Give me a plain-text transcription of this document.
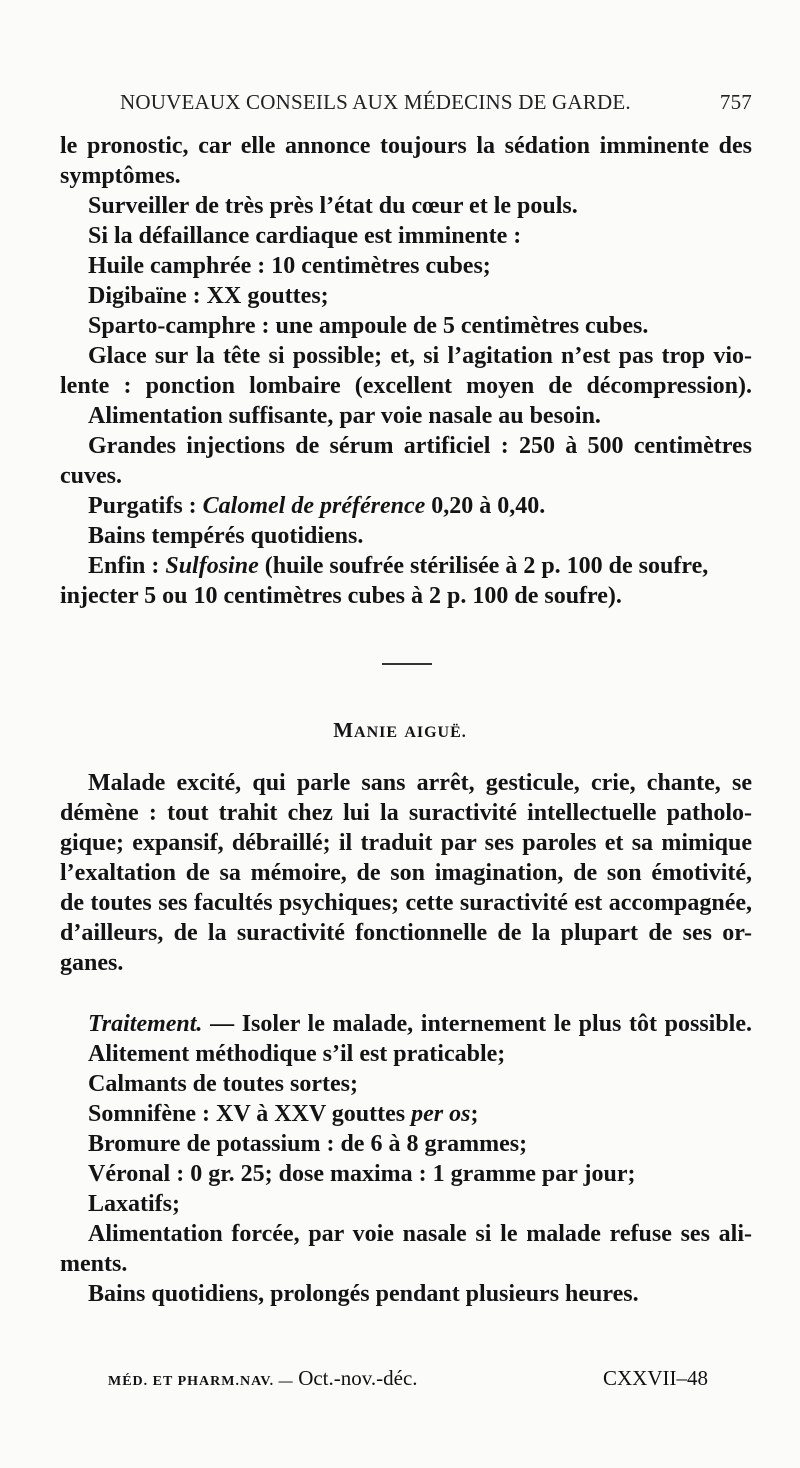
NOUVEAUX CONSEILS AUX MÉDECINS DE GARDE.	757
le pronostic, car elle annonce toujours la sédation imminente des
symptômes.
Surveiller de très près l’état du cœur et le pouls.
Si la défaillance cardiaque est imminente :
Huile camphrée : 10 centimètres cubes;
Digibaïne : XX gouttes;
Sparto-camphre : une ampoule de 5 centimètres cubes.
Glace sur la tête si possible; et, si l’agitation n’est pas trop vio-
lente : ponction lombaire (excellent moyen de décompression).
Alimentation suffisante, par voie nasale au besoin.
Grandes injections de sérum artificiel : 250 à 500 centimètres
cuves.
Purgatifs : Calomel de préférence 0,20 à 0,40.
Bains tempérés quotidiens.
Enfin : Sulfosine (huile soufrée stérilisée à 2 p. 100 de soufre,
injecter 5 ou 10 centimètres cubes à 2 p. 100 de soufre).
MANIE AIGUË.
Malade excité, qui parle sans arrêt, gesticule, crie, chante, se
démène : tout trahit chez lui la suractivité intellectuelle patholo-
gique; expansif, débraillé; il traduit par ses paroles et sa mimique
l’exaltation de sa mémoire, de son imagination, de son émotivité,
de toutes ses facultés psychiques; cette suractivité est accompagnée,
d’ailleurs, de la suractivité fonctionnelle de la plupart de ses or-
ganes.
Traitement. — Isoler le malade, internement le plus tôt possible.
Alitement méthodique s’il est praticable;
Calmants de toutes sortes;
Somnifène : XV à XXV gouttes per os;
Bromure de potassium : de 6 à 8 grammes;
Véronal : 0 gr. 25; dose maxima : 1 gramme par jour;
Laxatifs;
Alimentation forcée, par voie nasale si le malade refuse ses ali-
ments.
Bains quotidiens, prolongés pendant plusieurs heures.
MÉD. ET PHARM.NAV. — Oct.-nov.-déc.	CXXVII–48
